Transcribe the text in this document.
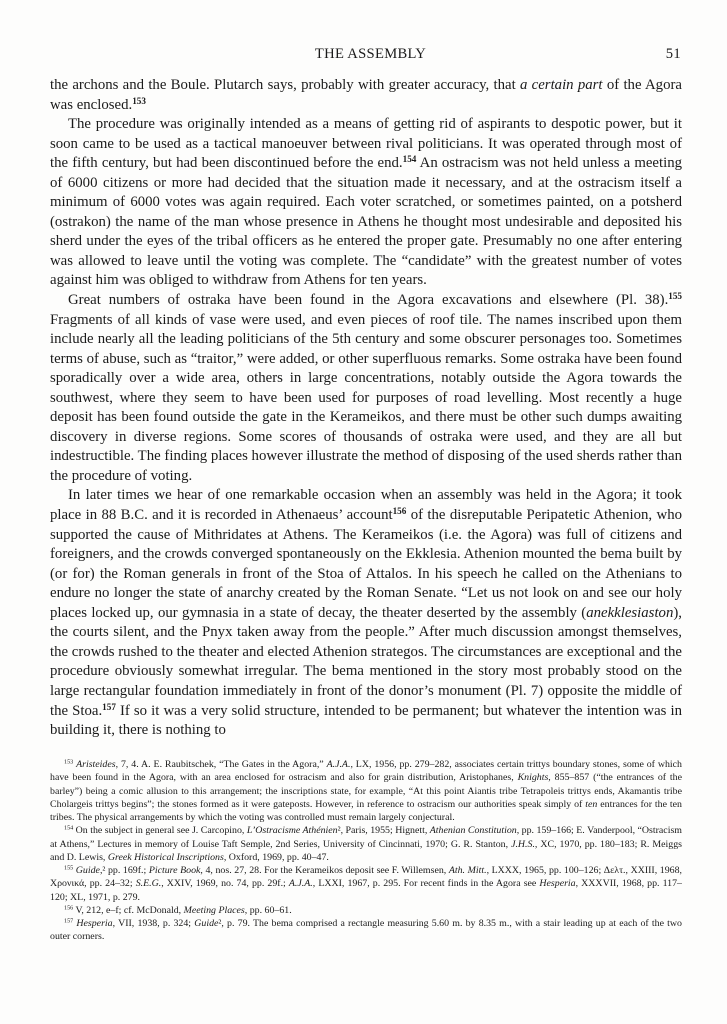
THE ASSEMBLY	51

the archons and the Boule. Plutarch says, probably with greater accuracy, that a certain part of the Agora was enclosed.$^{153}$

The procedure was originally intended as a means of getting rid of aspirants to despotic power, but it soon came to be used as a tactical manoeuver between rival politicians. It was operated through most of the fifth century, but had been discontinued before the end.$^{154}$ An ostracism was not held unless a meeting of 6000 citizens or more had decided that the situation made it necessary, and at the ostracism itself a minimum of 6000 votes was again required. Each voter scratched, or sometimes painted, on a potsherd (ostrakon) the name of the man whose presence in Athens he thought most undesirable and deposited his sherd under the eyes of the tribal officers as he entered the proper gate. Presumably no one after entering was allowed to leave until the voting was complete. The “candidate” with the greatest number of votes against him was obliged to withdraw from Athens for ten years.

Great numbers of ostraka have been found in the Agora excavations and elsewhere (Pl. 38).$^{155}$ Fragments of all kinds of vase were used, and even pieces of roof tile. The names inscribed upon them include nearly all the leading politicians of the 5th century and some obscurer personages too. Sometimes terms of abuse, such as “traitor,” were added, or other superfluous remarks. Some ostraka have been found sporadically over a wide area, others in large concentrations, notably outside the Agora towards the southwest, where they seem to have been used for purposes of road levelling. Most recently a huge deposit has been found outside the gate in the Kerameikos, and there must be other such dumps awaiting discovery in diverse regions. Some scores of thousands of ostraka were used, and they are all but indestructible. The finding places however illustrate the method of disposing of the used sherds rather than the procedure of voting.

In later times we hear of one remarkable occasion when an assembly was held in the Agora; it took place in 88 B.C. and it is recorded in Athenaeus’ account$^{156}$ of the disreputable Peripatetic Athenion, who supported the cause of Mithridates at Athens. The Kerameikos (i.e. the Agora) was full of citizens and foreigners, and the crowds converged spontaneously on the Ekklesia. Athenion mounted the bema built by (or for) the Roman generals in front of the Stoa of Attalos. In his speech he called on the Athenians to endure no longer the state of anarchy created by the Roman Senate. “Let us not look on and see our holy places locked up, our gymnasia in a state of decay, the theater deserted by the assembly (anekklesiaston), the courts silent, and the Pnyx taken away from the people.” After much discussion amongst themselves, the crowds rushed to the theater and elected Athenion strategos. The circumstances are exceptional and the procedure obviously somewhat irregular. The bema mentioned in the story most probably stood on the large rectangular foundation immediately in front of the donor’s monument (Pl. 7) opposite the middle of the Stoa.$^{157}$ If so it was a very solid structure, intended to be permanent; but whatever the intention was in building it, there is nothing to

$^{153}$ Aristeides, 7, 4. A. E. Raubitschek, “The Gates in the Agora,” A.J.A., LX, 1956, pp. 279–282, associates certain trittys boundary stones, some of which have been found in the Agora, with an area enclosed for ostracism and also for grain distribution, Aristophanes, Knights, 855–857 (“the entrances of the barley”) being a comic allusion to this arrangement; the inscriptions state, for example, “At this point Aiantis tribe Tetrapoleis trittys ends, Akamantis tribe Cholargeis trittys begins”; the stones formed as it were gateposts. However, in reference to ostracism our authorities speak simply of ten entrances for the ten tribes. The physical arrangements by which the voting was controlled must remain largely conjectural.

$^{154}$ On the subject in general see J. Carcopino, L’Ostracisme Athénien², Paris, 1955; Hignett, Athenian Constitution, pp. 159–166; E. Vanderpool, “Ostracism at Athens,” Lectures in memory of Louise Taft Semple, 2nd Series, University of Cincinnati, 1970; G. R. Stanton, J.H.S., XC, 1970, pp. 180–183; R. Meiggs and D. Lewis, Greek Historical Inscriptions, Oxford, 1969, pp. 40–47.

$^{155}$ Guide,² pp. 169f.; Picture Book, 4, nos. 27, 28. For the Kerameikos deposit see F. Willemsen, Ath. Mitt., LXXX, 1965, pp. 100–126; Δελτ., XXIII, 1968, Χρονικά, pp. 24–32; S.E.G., XXIV, 1969, no. 74, pp. 29f.; A.J.A., LXXI, 1967, p. 295. For recent finds in the Agora see Hesperia, XXXVII, 1968, pp. 117–120; XL, 1971, p. 279.

$^{156}$ V, 212, e–f; cf. McDonald, Meeting Places, pp. 60–61.

$^{157}$ Hesperia, VII, 1938, p. 324; Guide², p. 79. The bema comprised a rectangle measuring 5.60 m. by 8.35 m., with a stair leading up at each of the two outer corners.
